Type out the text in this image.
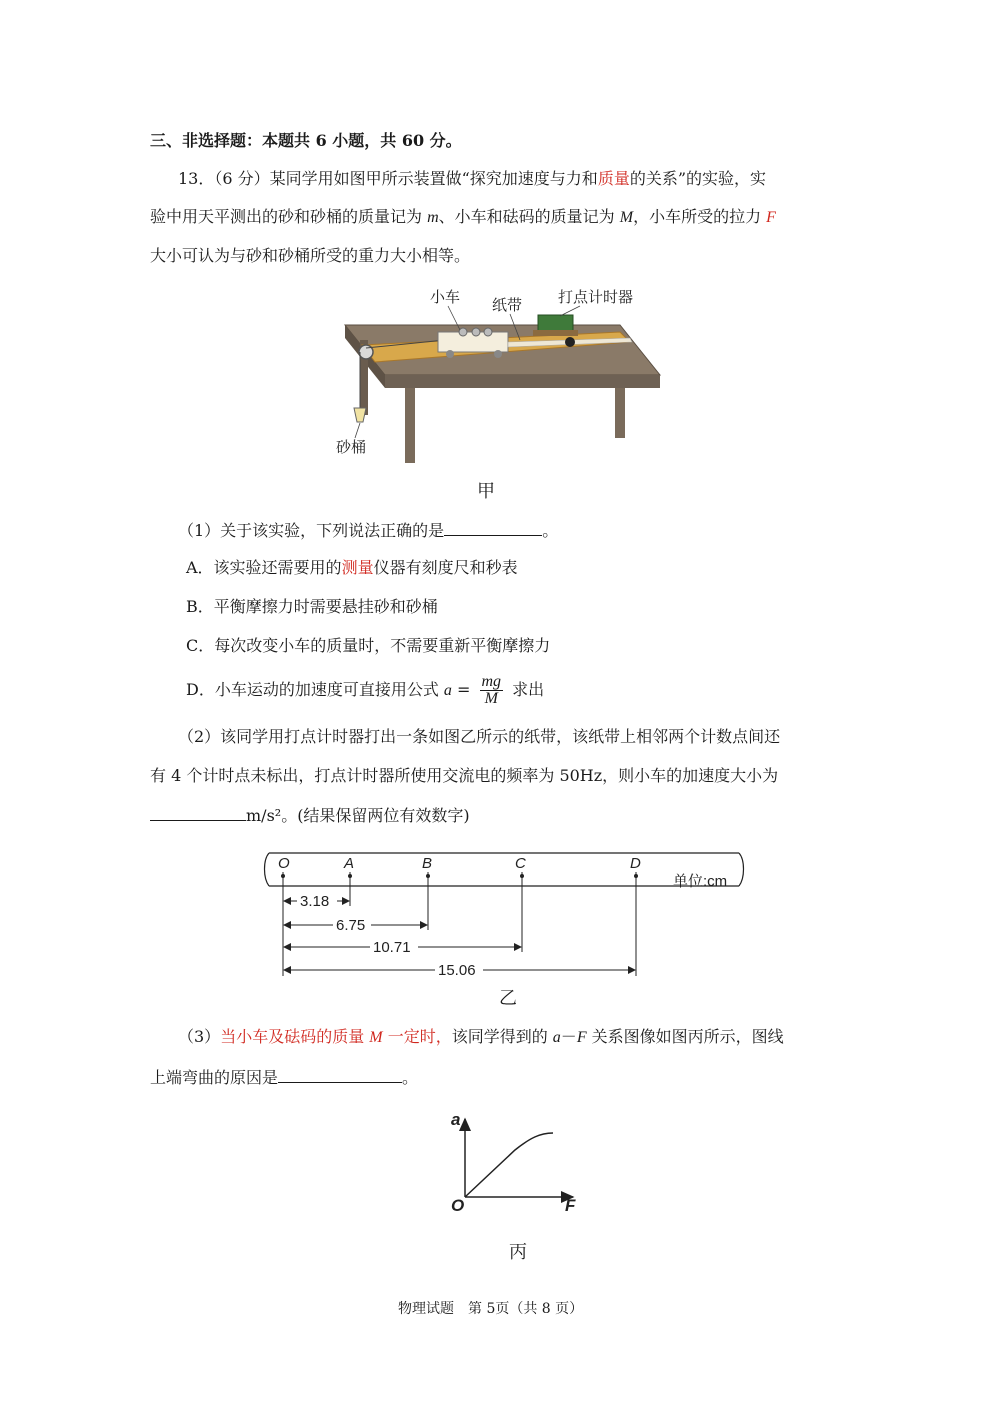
三、非选择题：本题共 6 小题，共 60 分。
13．（6 分）某同学用如图甲所示装置做“探究加速度与力和质量的关系”的实验，实
验中用天平测出的砂和砂桶的质量记为 m、小车和砝码的质量记为 M，小车所受的拉力 F
大小可认为与砂和砂桶所受的重力大小相等。
小车 纸带 打点计时器
砂桶
甲
（1）关于该实验，下列说法正确的是	。
A．该实验还需要用的测量仪器有刻度尺和秒表
B．平衡摩擦力时需要悬挂砂和砂桶
C．每次改变小车的质量时，不需要重新平衡摩擦力
D．小车运动的加速度可直接用公式 $a = \frac{mg}{M}$ 求出
（2）该同学用打点计时器打出一条如图乙所示的纸带，该纸带上相邻两个计数点间还
有 4 个计时点未标出，打点计时器所使用交流电的频率为 50Hz，则小车的加速度大小为
m/s²。(结果保留两位有效数字)
O	A	B	C	D
单位:cm
3.18
6.75
10.71
15.06
乙
（3）当小车及砝码的质量 M 一定时，该同学得到的 a－F 关系图像如图丙所示，图线
上端弯曲的原因是	。
a
F
O
丙
物理试题　第 5页（共 8 页）
